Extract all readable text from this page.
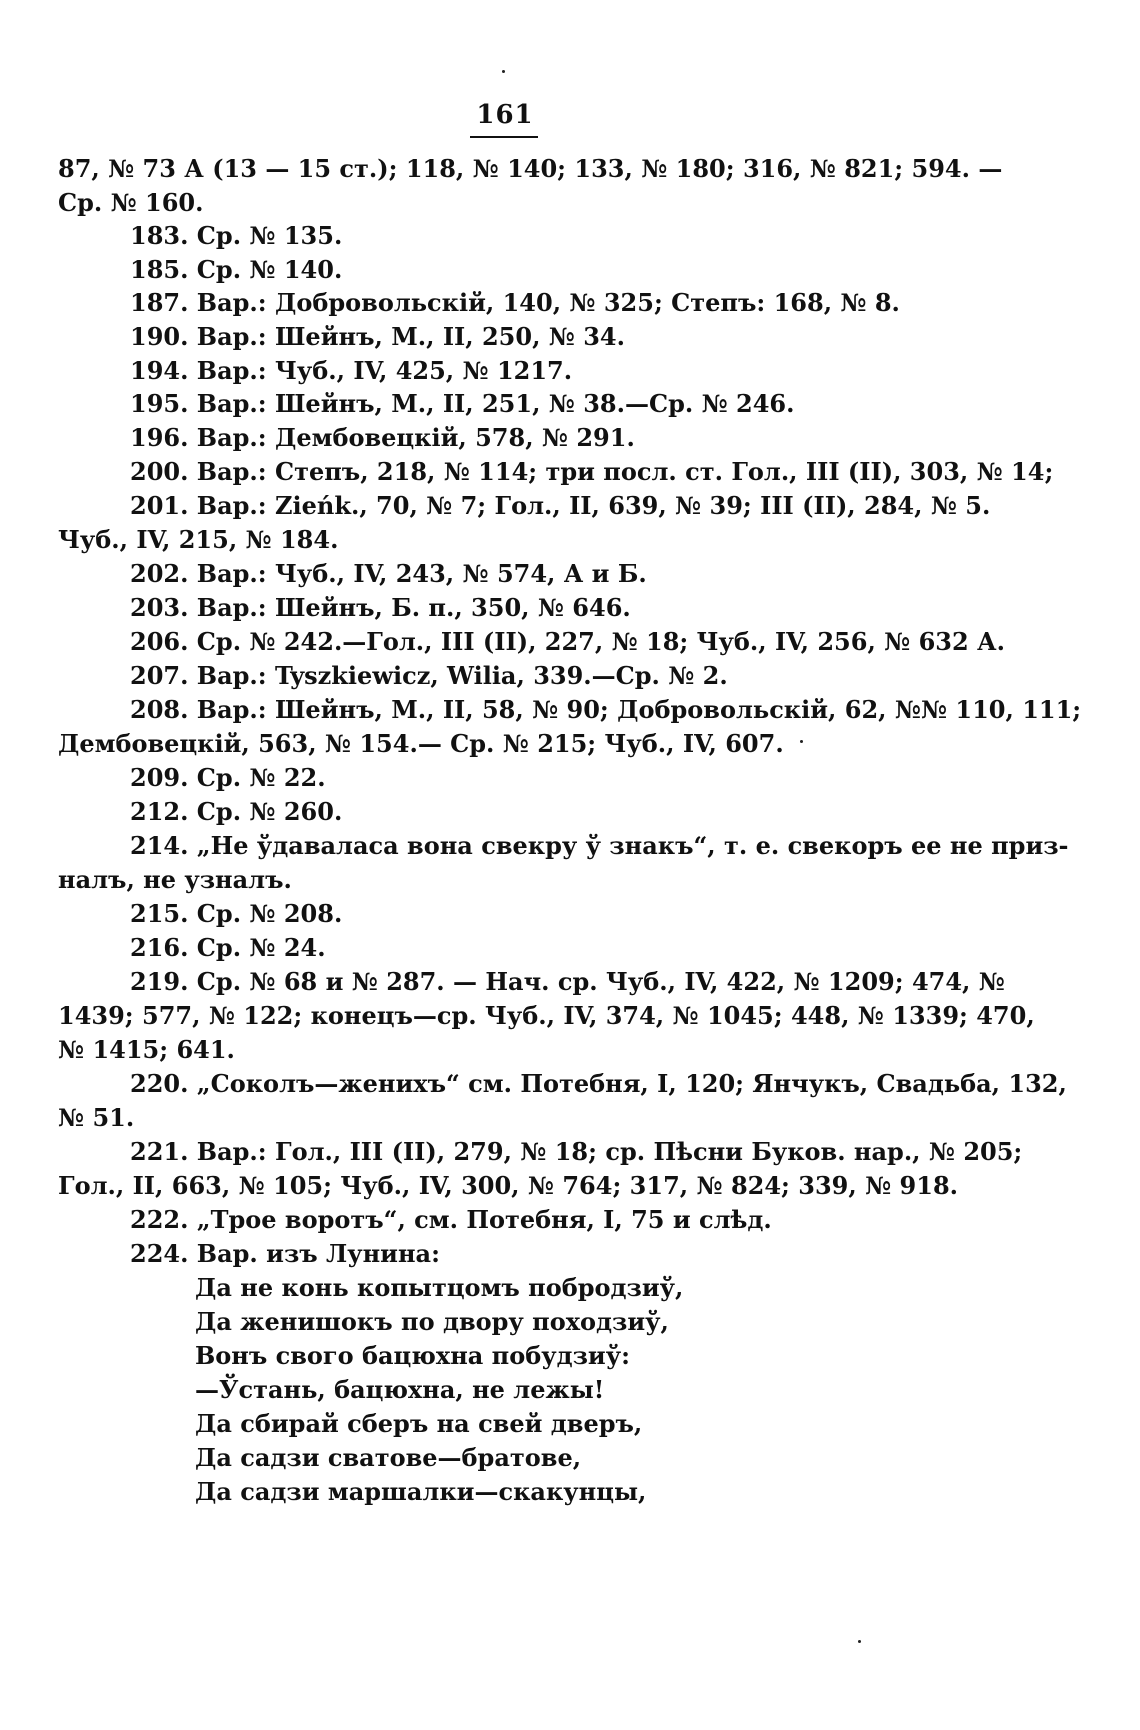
161
87, № 73 А (13 — 15 ст.); 118, № 140; 133, № 180; 316, № 821; 594. —
Ср. № 160.
183. Ср. № 135.
185. Ср. № 140.
187. Вар.: Добровольскій, 140, № 325; Степъ: 168, № 8.
190. Вар.: Шейнъ, М., II, 250, № 34.
194. Вар.: Чуб., IV, 425, № 1217.
195. Вар.: Шейнъ, М., II, 251, № 38.—Ср. № 246.
196. Вар.: Дембовецкій, 578, № 291.
200. Вар.: Степъ, 218, № 114; три посл. ст. Гол., III (II), 303, № 14;
201. Вар.: Zieńk., 70, № 7; Гол., II, 639, № 39; III (II), 284, № 5.
Чуб., IV, 215, № 184.
202. Вар.: Чуб., IV, 243, № 574, А и Б.
203. Вар.: Шейнъ, Б. п., 350, № 646.
206. Ср. № 242.—Гол., III (II), 227, № 18; Чуб., IV, 256, № 632 А.
207. Вар.: Tyszkiewicz, Wilia, 339.—Ср. № 2.
208. Вар.: Шейнъ, М., II, 58, № 90; Добровольскій, 62, №№ 110, 111;
Дембовецкій, 563, № 154.— Ср. № 215; Чуб., IV, 607.
209. Ср. № 22.
212. Ср. № 260.
214. „Не ўдаваласа вона свекру ў знакъ“, т. е. свекоръ ее не приз-
налъ, не узналъ.
215. Ср. № 208.
216. Ср. № 24.
219. Ср. № 68 и № 287. — Нач. ср. Чуб., IV, 422, № 1209; 474, №
1439; 577, № 122; конецъ—ср. Чуб., IV, 374, № 1045; 448, № 1339; 470,
№ 1415; 641.
220. „Соколъ—женихъ“ см. Потебня, I, 120; Янчукъ, Свадьба, 132,
№ 51.
221. Вар.: Гол., III (II), 279, № 18; ср. Пѣсни Буков. нар., № 205;
Гол., II, 663, № 105; Чуб., IV, 300, № 764; 317, № 824; 339, № 918.
222. „Трое воротъ“, см. Потебня, I, 75 и слѣд.
224. Вар. изъ Лунина:
Да не конь копытцомъ побродзиў,
Да женишокъ по двору походзиў,
Вонъ свого бацюхна побудзиў:
—Ўстань, бацюхна, не лежы!
Да сбирай сберъ на свей дверъ,
Да садзи сватове—братове,
Да садзи маршалки—скакунцы,
